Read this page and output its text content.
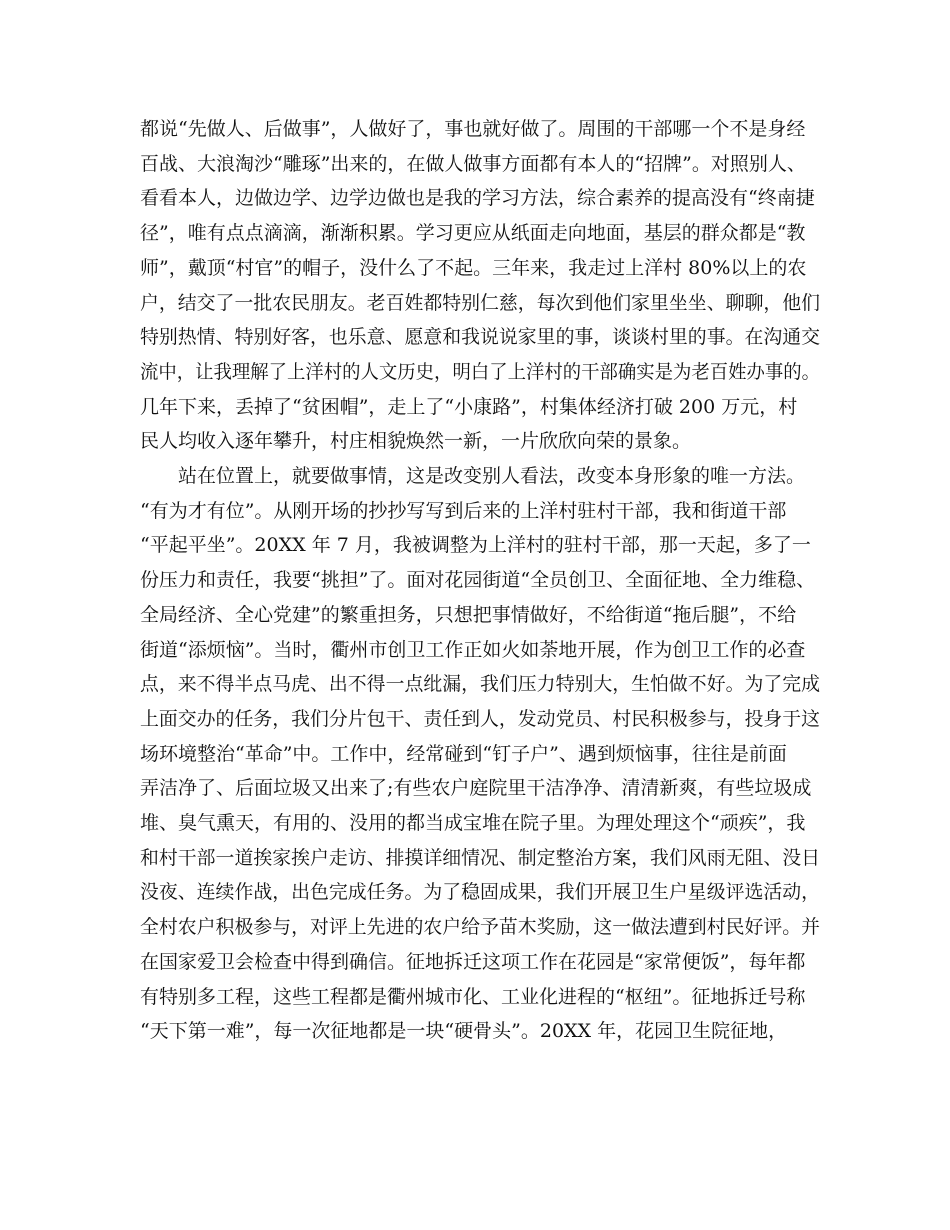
都说“先做人、后做事”，人做好了，事也就好做了。周围的干部哪一个不是身经
百战、大浪淘沙“雕琢”出来的，在做人做事方面都有本人的“招牌”。对照别人、
看看本人，边做边学、边学边做也是我的学习方法，综合素养的提高没有“终南捷
径”，唯有点点滴滴，渐渐积累。学习更应从纸面走向地面，基层的群众都是“教
师”，戴顶“村官”的帽子，没什么了不起。三年来，我走过上洋村 80%以上的农
户，结交了一批农民朋友。老百姓都特别仁慈，每次到他们家里坐坐、聊聊，他们
特别热情、特别好客，也乐意、愿意和我说说家里的事，谈谈村里的事。在沟通交
流中，让我理解了上洋村的人文历史，明白了上洋村的干部确实是为老百姓办事的。
几年下来，丢掉了“贫困帽”，走上了“小康路”，村集体经济打破 200 万元，村
民人均收入逐年攀升，村庄相貌焕然一新，一片欣欣向荣的景象。
　　站在位置上，就要做事情，这是改变别人看法，改变本身形象的唯一方法。
“有为才有位”。从刚开场的抄抄写写到后来的上洋村驻村干部，我和街道干部
“平起平坐”。20XX 年 7 月，我被调整为上洋村的驻村干部，那一天起，多了一
份压力和责任，我要“挑担”了。面对花园街道“全员创卫、全面征地、全力维稳、
全局经济、全心党建”的繁重担务，只想把事情做好，不给街道“拖后腿”，不给
街道“添烦恼”。当时，衢州市创卫工作正如火如荼地开展，作为创卫工作的必查
点，来不得半点马虎、出不得一点纰漏，我们压力特别大，生怕做不好。为了完成
上面交办的任务，我们分片包干、责任到人，发动党员、村民积极参与，投身于这
场环境整治“革命”中。工作中，经常碰到“钉子户”、遇到烦恼事，往往是前面
弄洁净了、后面垃圾又出来了;有些农户庭院里干洁净净、清清新爽，有些垃圾成
堆、臭气熏天，有用的、没用的都当成宝堆在院子里。为理处理这个“顽疾”，我
和村干部一道挨家挨户走访、排摸详细情况、制定整治方案，我们风雨无阻、没日
没夜、连续作战，出色完成任务。为了稳固成果，我们开展卫生户星级评选活动，
全村农户积极参与，对评上先进的农户给予苗木奖励，这一做法遭到村民好评。并
在国家爱卫会检查中得到确信。征地拆迁这项工作在花园是“家常便饭”，每年都
有特别多工程，这些工程都是衢州城市化、工业化进程的“枢纽”。征地拆迁号称
“天下第一难”，每一次征地都是一块“硬骨头”。20XX 年，花园卫生院征地，
